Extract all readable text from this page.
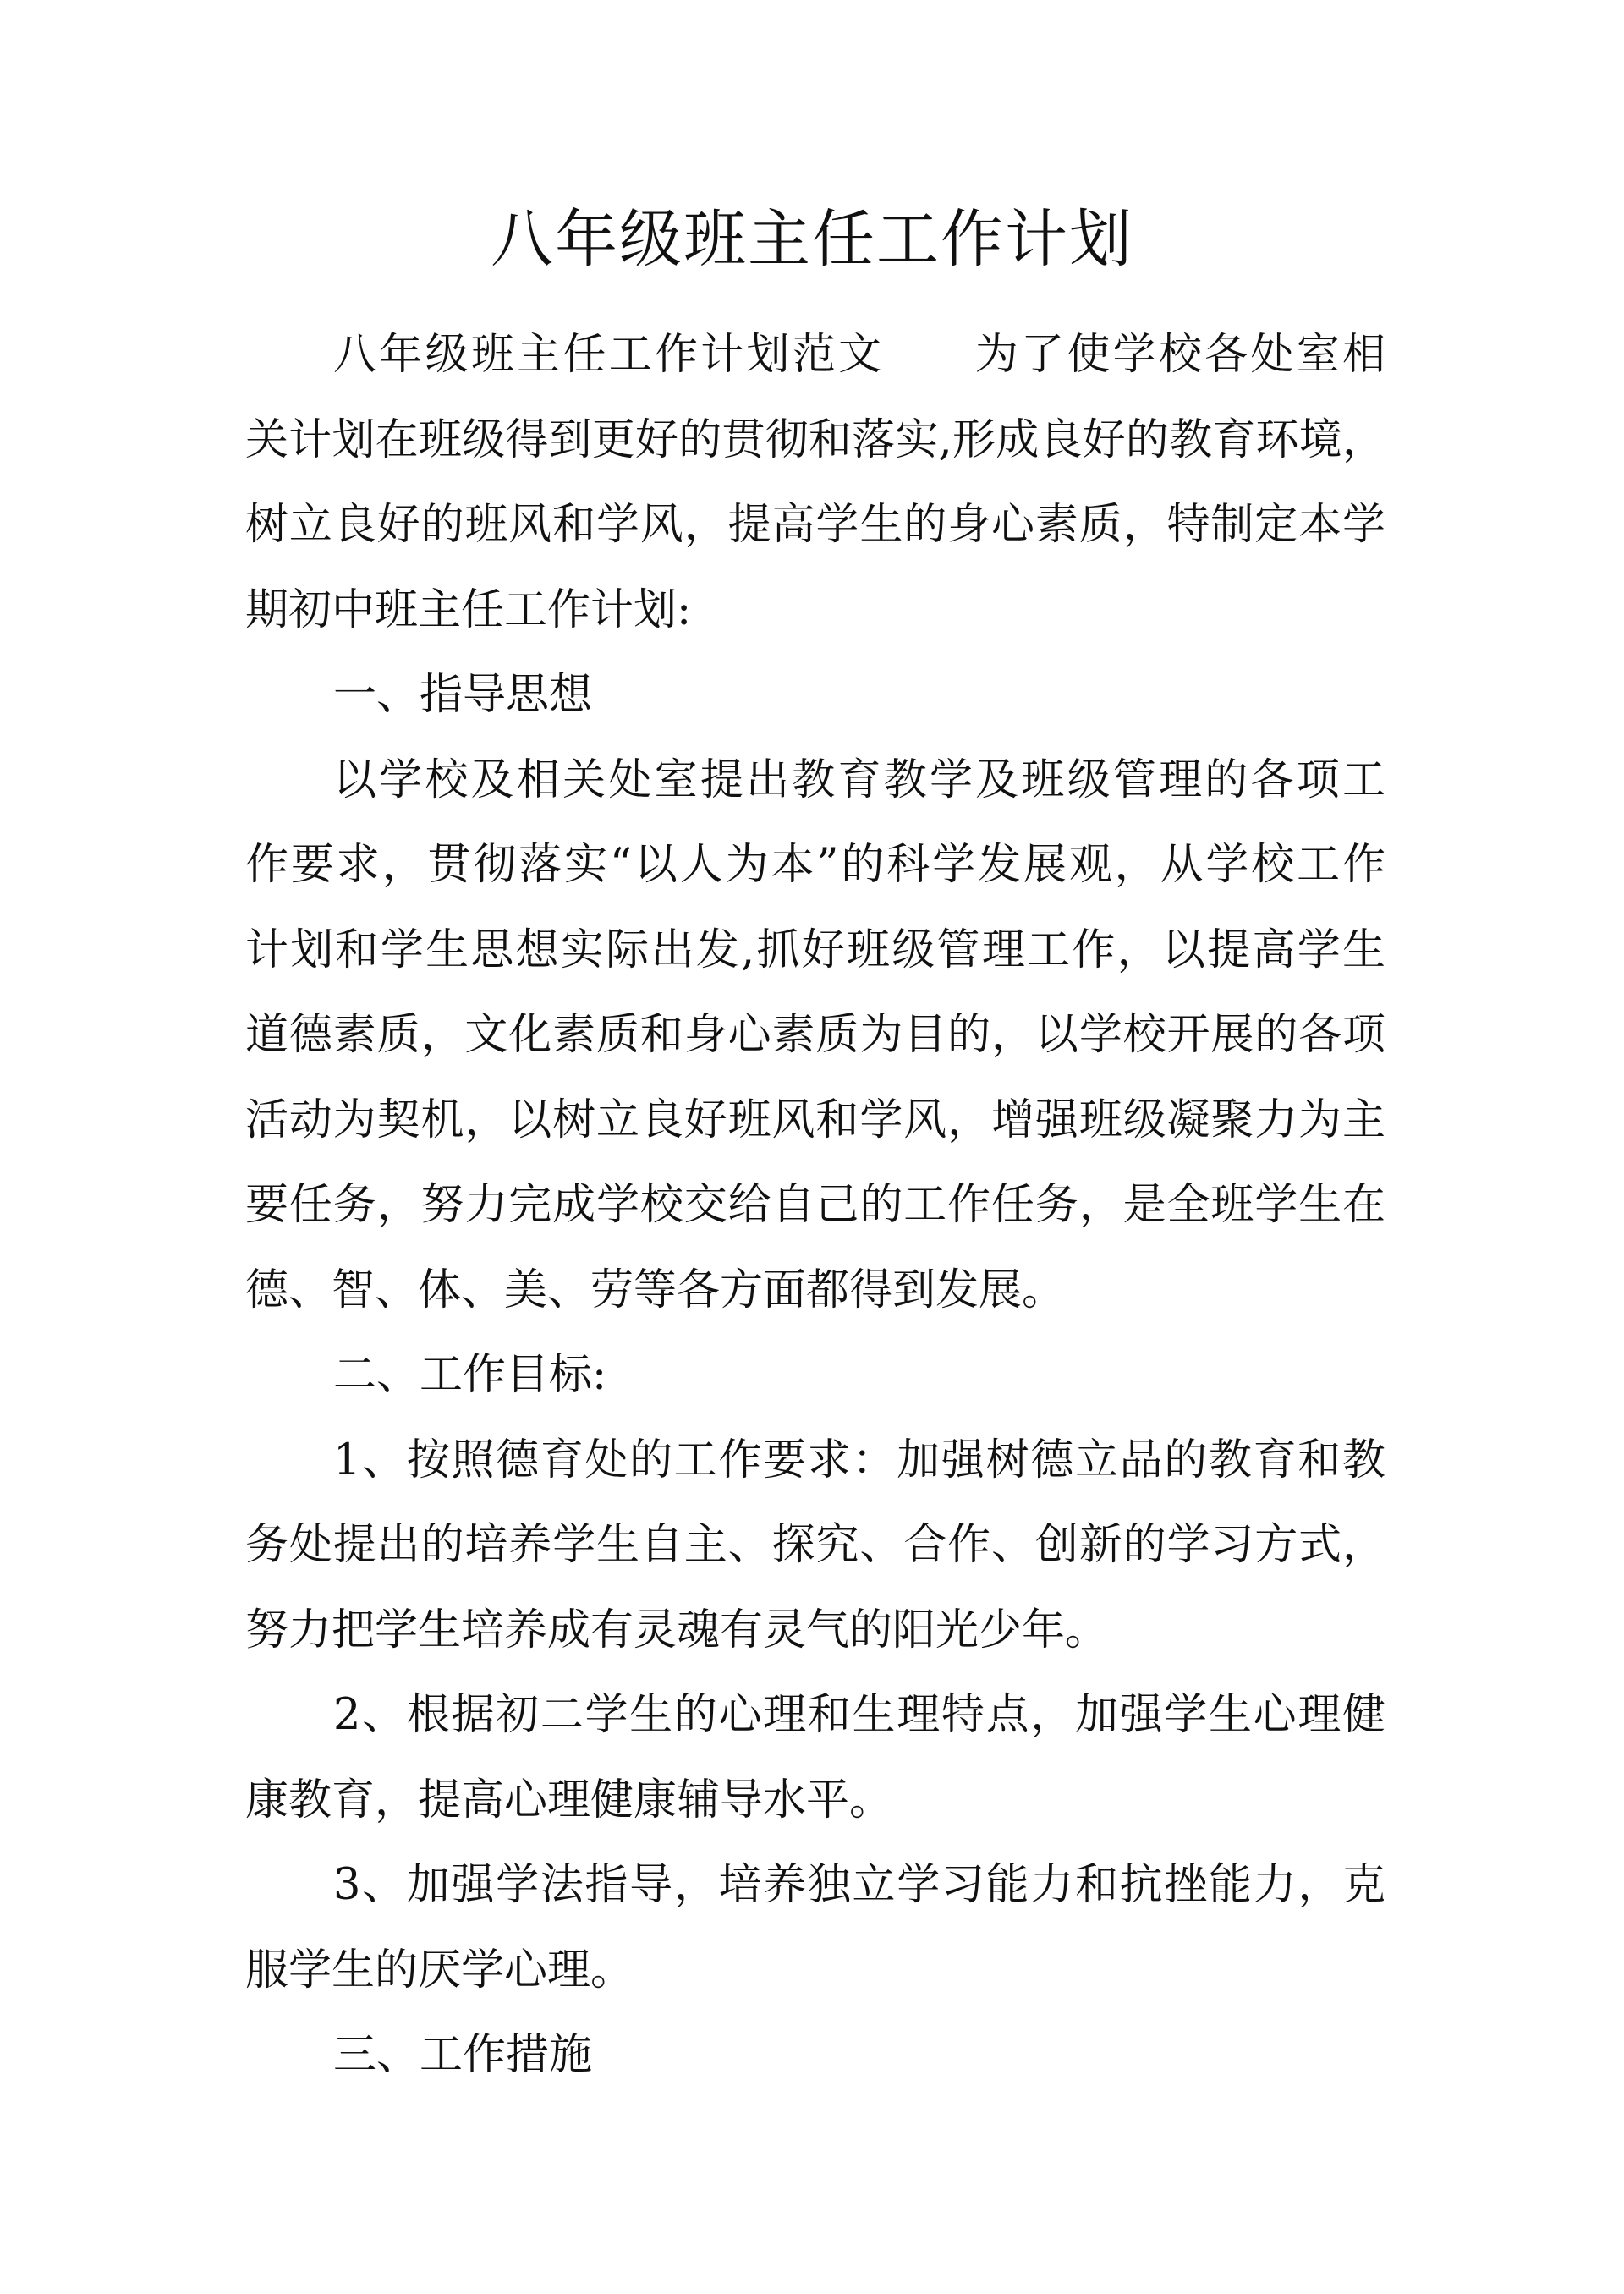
八年级班主任工作计划
八年级班主任工作计划范文 为了使学校各处室相
关计划在班级得到更好的贯彻和落实,形成良好的教育环境，
树立良好的班风和学风，提高学生的身心素质，特制定本学
期初中班主任工作计划:
一、指导思想
以学校及相关处室提出教育教学及班级管理的各项工
作要求，贯彻落实“以人为本”的科学发展观，从学校工作
计划和学生思想实际出发,抓好班级管理工作，以提高学生
道德素质，文化素质和身心素质为目的，以学校开展的各项
活动为契机，以树立良好班风和学风，增强班级凝聚力为主
要任务，努力完成学校交给自己的工作任务，是全班学生在
德、智、体、美、劳等各方面都得到发展。
二、工作目标:
1、按照德育处的工作要求：加强树德立品的教育和教
务处提出的培养学生自主、探究、合作、创新的学习方式，
努力把学生培养成有灵魂有灵气的阳光少年。
2、根据初二学生的心理和生理特点，加强学生心理健
康教育，提高心理健康辅导水平。
3、加强学法指导，培养独立学习能力和抗挫能力，克
服学生的厌学心理。
三、工作措施
